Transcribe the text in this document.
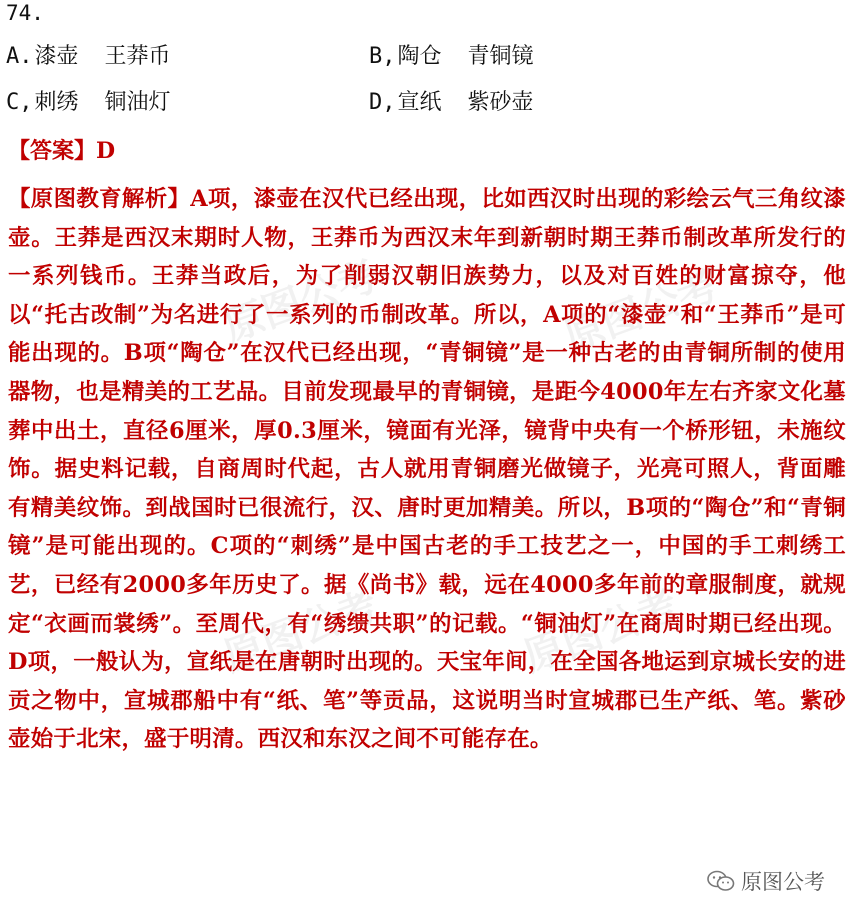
原图公考	原图公考
原图公考	原图公考
74.
A.漆壶 王莽币	B,陶仓 青铜镜
C,刺绣 铜油灯	D,宣纸 紫砂壶
【答案】D
【原图教育解析】A项，漆壶在汉代已经出现，比如西汉时出现的彩绘云气三角纹漆壶。王莽是西汉末期时人物，王莽币为西汉末年到新朝时期王莽币制改革所发行的一系列钱币。王莽当政后，为了削弱汉朝旧族势力，以及对百姓的财富掠夺，他以“托古改制”为名进行了一系列的币制改革。所以，A项的“漆壶”和“王莽币”是可能出现的。B项“陶仓”在汉代已经出现，“青铜镜”是一种古老的由青铜所制的使用器物，也是精美的工艺品。目前发现最早的青铜镜，是距今4000年左右齐家文化墓葬中出土，直径6厘米，厚0.3厘米，镜面有光泽，镜背中央有一个桥形钮，未施纹饰。据史料记载，自商周时代起，古人就用青铜磨光做镜子，光亮可照人，背面雕有精美纹饰。到战国时已很流行，汉、唐时更加精美。所以，B项的“陶仓”和“青铜镜”是可能出现的。C项的“刺绣”是中国古老的手工技艺之一，中国的手工刺绣工艺，已经有2000多年历史了。据《尚书》载，远在4000多年前的章服制度，就规定“衣画而裳绣”。至周代，有“绣缋共职”的记载。“铜油灯”在商周时期已经出现。D项，一般认为，宣纸是在唐朝时出现的。天宝年间，在全国各地运到京城长安的进贡之物中，宣城郡船中有“纸、笔”等贡品，这说明当时宣城郡已生产纸、笔。紫砂壶始于北宋，盛于明清。西汉和东汉之间不可能存在。
原图公考
